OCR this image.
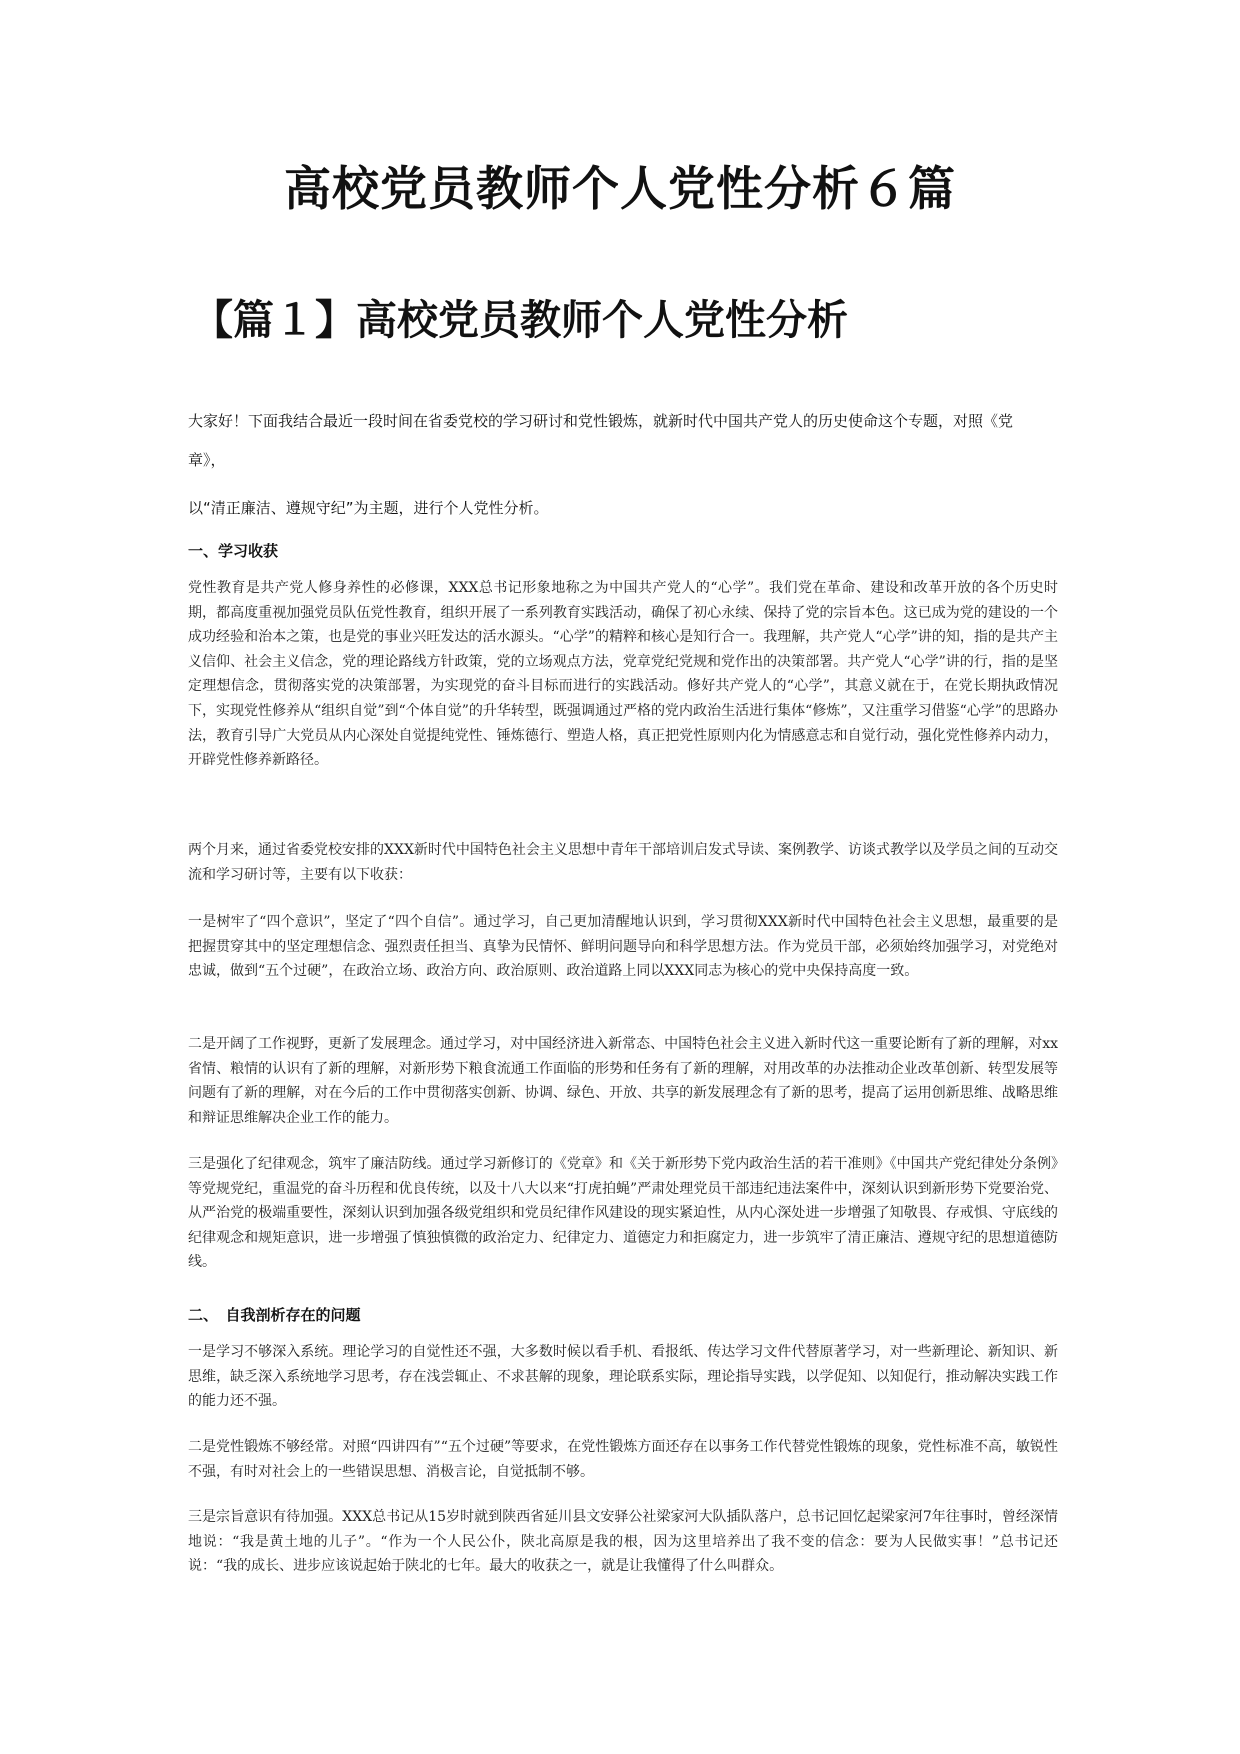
高校党员教师个人党性分析６篇
【篇１】高校党员教师个人党性分析
大家好！下面我结合最近一段时间在省委党校的学习研讨和党性锻炼，就新时代中国共产党人的历史使命这个专题，对照《党章》，
以“清正廉洁、遵规守纪”为主题，进行个人党性分析。
一、学习收获
党性教育是共产党人修身养性的必修课，XXX总书记形象地称之为中国共产党人的“心学”。我们党在革命、建设和改革开放的各个历史时期，都高度重视加强党员队伍党性教育，组织开展了一系列教育实践活动，确保了初心永续、保持了党的宗旨本色。这已成为党的建设的一个成功经验和治本之策，也是党的事业兴旺发达的活水源头。“心学”的精粹和核心是知行合一。我理解，共产党人“心学”讲的知，指的是共产主义信仰、社会主义信念，党的理论路线方针政策，党的立场观点方法，党章党纪党规和党作出的决策部署。共产党人“心学”讲的行，指的是坚定理想信念，贯彻落实党的决策部署，为实现党的奋斗目标而进行的实践活动。修好共产党人的“心学”，其意义就在于，在党长期执政情况下，实现党性修养从“组织自觉”到“个体自觉”的升华转型，既强调通过严格的党内政治生活进行集体“修炼”，又注重学习借鉴“心学”的思路办法，教育引导广大党员从内心深处自觉提纯党性、锤炼德行、塑造人格，真正把党性原则内化为情感意志和自觉行动，强化党性修养内动力，开辟党性修养新路径。
两个月来，通过省委党校安排的XXX新时代中国特色社会主义思想中青年干部培训启发式导读、案例教学、访谈式教学以及学员之间的互动交流和学习研讨等，主要有以下收获：
一是树牢了“四个意识”，坚定了“四个自信”。通过学习，自己更加清醒地认识到，学习贯彻XXX新时代中国特色社会主义思想，最重要的是把握贯穿其中的坚定理想信念、强烈责任担当、真挚为民情怀、鲜明问题导向和科学思想方法。作为党员干部，必须始终加强学习，对党绝对忠诚，做到“五个过硬”，在政治立场、政治方向、政治原则、政治道路上同以XXX同志为核心的党中央保持高度一致。
二是开阔了工作视野，更新了发展理念。通过学习，对中国经济进入新常态、中国特色社会主义进入新时代这一重要论断有了新的理解，对xx省情、粮情的认识有了新的理解，对新形势下粮食流通工作面临的形势和任务有了新的理解，对用改革的办法推动企业改革创新、转型发展等问题有了新的理解，对在今后的工作中贯彻落实创新、协调、绿色、开放、共享的新发展理念有了新的思考，提高了运用创新思维、战略思维和辩证思维解决企业工作的能力。
三是强化了纪律观念，筑牢了廉洁防线。通过学习新修订的《党章》和《关于新形势下党内政治生活的若干准则》《中国共产党纪律处分条例》等党规党纪，重温党的奋斗历程和优良传统，以及十八大以来“打虎拍蝇”严肃处理党员干部违纪违法案件中，深刻认识到新形势下党要治党、从严治党的极端重要性，深刻认识到加强各级党组织和党员纪律作风建设的现实紧迫性，从内心深处进一步增强了知敬畏、存戒惧、守底线的纪律观念和规矩意识，进一步增强了慎独慎微的政治定力、纪律定力、道德定力和拒腐定力，进一步筑牢了清正廉洁、遵规守纪的思想道德防线。
二、　自我剖析存在的问题
一是学习不够深入系统。理论学习的自觉性还不强，大多数时候以看手机、看报纸、传达学习文件代替原著学习，对一些新理论、新知识、新思维，缺乏深入系统地学习思考，存在浅尝辄止、不求甚解的现象，理论联系实际，理论指导实践，以学促知、以知促行，推动解决实践工作的能力还不强。
二是党性锻炼不够经常。对照“四讲四有”“五个过硬”等要求，在党性锻炼方面还存在以事务工作代替党性锻炼的现象，党性标准不高，敏锐性不强，有时对社会上的一些错误思想、消极言论，自觉抵制不够。
三是宗旨意识有待加强。XXX总书记从15岁时就到陕西省延川县文安驿公社梁家河大队插队落户，总书记回忆起梁家河7年往事时，曾经深情地说：“我是黄土地的儿子”。“作为一个人民公仆，陕北高原是我的根，因为这里培养出了我不变的信念：要为人民做实事！”总书记还说：“我的成长、进步应该说起始于陕北的七年。最大的收获之一，就是让我懂得了什么叫群众。
